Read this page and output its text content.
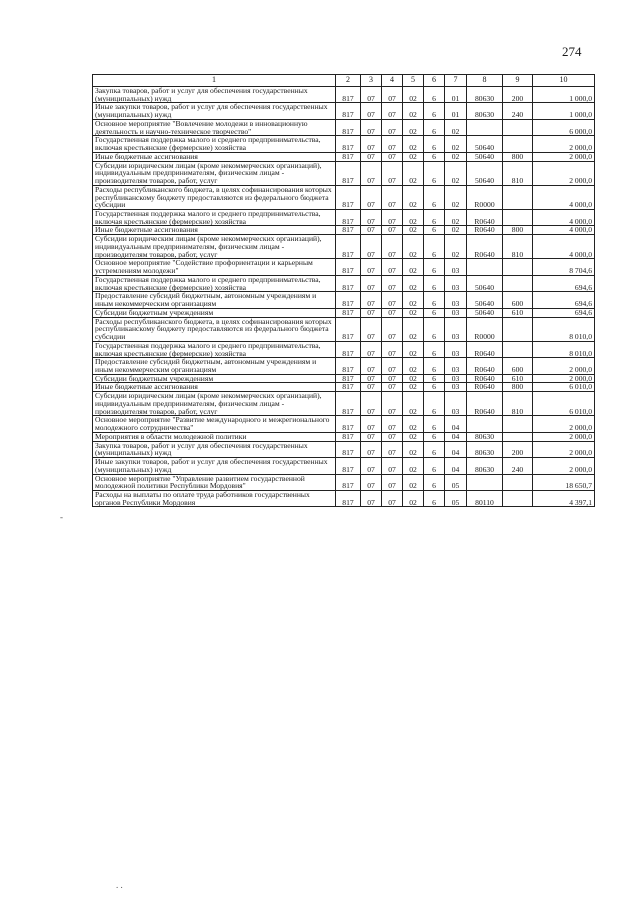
274
1	2	3	4	5	6	7	8	9	10
Закупка товаров, работ и услуг для обеспечения государственных (муниципальных) нужд	817	07	07	02	6	01	80630	200	1 000,0
Иные закупки товаров, работ и услуг для обеспечения государственных (муниципальных) нужд	817	07	07	02	6	01	80630	240	1 000,0
Основное мероприятие "Вовлечение молодежи в инновационную деятельность и научно-техническое творчество"	817	07	07	02	6	02			6 000,0
Государственная поддержка малого и среднего предпринимательства, включая крестьянские (фермерские) хозяйства	817	07	07	02	6	02	50640		2 000,0
Иные бюджетные ассигнования	817	07	07	02	6	02	50640	800	2 000,0
Субсидии юридическим лицам (кроме некоммерческих организаций), индивидуальным предпринимателям, физическим лицам - производителям товаров, работ, услуг	817	07	07	02	6	02	50640	810	2 000,0
Расходы республиканского бюджета, в целях софинансирования которых республиканскому бюджету предоставляются из федерального бюджета субсидии	817	07	07	02	6	02	R0000		4 000,0
Государственная поддержка малого и среднего предпринимательства, включая крестьянские (фермерские) хозяйства	817	07	07	02	6	02	R0640		4 000,0
Иные бюджетные ассигнования	817	07	07	02	6	02	R0640	800	4 000,0
Субсидии юридическим лицам (кроме некоммерческих организаций), индивидуальным предпринимателям, физическим лицам - производителям товаров, работ, услуг	817	07	07	02	6	02	R0640	810	4 000,0
Основное мероприятие "Содействие профориентации и карьерным устремлениям молодежи"	817	07	07	02	6	03			8 704,6
Государственная поддержка малого и среднего предпринимательства, включая крестьянские (фермерские) хозяйства	817	07	07	02	6	03	50640		694,6
Предоставление субсидий бюджетным, автономным учреждениям и иным некоммерческим организациям	817	07	07	02	6	03	50640	600	694,6
Субсидии бюджетным учреждениям	817	07	07	02	6	03	50640	610	694,6
Расходы республиканского бюджета, в целях софинансирования которых республиканскому бюджету предоставляются из федерального бюджета субсидии	817	07	07	02	6	03	R0000		8 010,0
Государственная поддержка малого и среднего предпринимательства, включая крестьянские (фермерские) хозяйства	817	07	07	02	6	03	R0640		8 010,0
Предоставление субсидий бюджетным, автономным учреждениям и иным некоммерческим организациям	817	07	07	02	6	03	R0640	600	2 000,0
Субсидии бюджетным учреждениям	817	07	07	02	6	03	R0640	610	2 000,0
Иные бюджетные ассигнования	817	07	07	02	6	03	R0640	800	6 010,0
Субсидии юридическим лицам (кроме некоммерческих организаций), индивидуальным предпринимателям, физическим лицам - производителям товаров, работ, услуг	817	07	07	02	6	03	R0640	810	6 010,0
Основное мероприятие "Развитие международного и межрегионального молодежного сотрудничества"	817	07	07	02	6	04			2 000,0
Мероприятия в области молодежной политики	817	07	07	02	6	04	80630		2 000,0
Закупка товаров, работ и услуг для обеспечения государственных (муниципальных) нужд	817	07	07	02	6	04	80630	200	2 000,0
Иные закупки товаров, работ и услуг для обеспечения государственных (муниципальных) нужд	817	07	07	02	6	04	80630	240	2 000,0
Основное мероприятие "Управление развитием государственной молодежной политики Республики Мордовия"	817	07	07	02	6	05			18 650,7
Расходы на выплаты по оплате труда работников государственных органов Республики Мордовия	817	07	07	02	6	05	80110		4 397,1
-
. .
